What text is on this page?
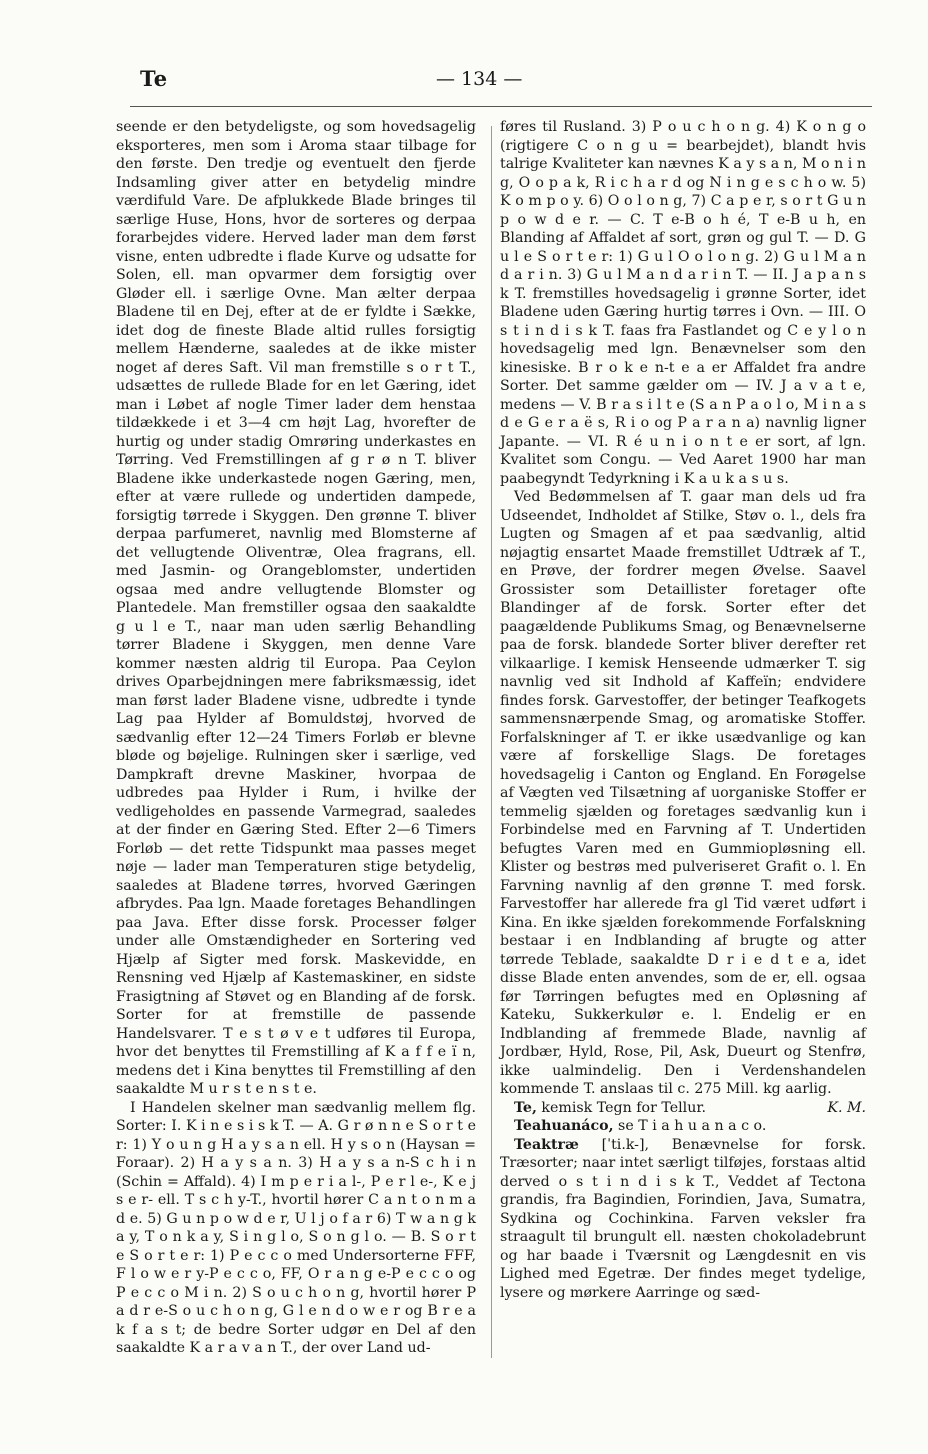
Te	— 134 —

seende er den betydeligste, og som hovedsagelig eksporteres, men som i Aroma staar tilbage for den første. Den tredje og eventuelt den fjerde Indsamling giver atter en betydelig mindre værdifuld Vare. De afplukkede Blade bringes til særlige Huse, Hons, hvor de sorteres og derpaa forarbejdes videre. Herved lader man dem først visne, enten udbredte i flade Kurve og udsatte for Solen, ell. man opvarmer dem forsigtig over Gløder ell. i særlige Ovne. Man ælter derpaa Bladene til en Dej, efter at de er fyldte i Sække, idet dog de fineste Blade altid rulles forsigtig mellem Hænderne, saaledes at de ikke mister noget af deres Saft. Vil man fremstille s o r t T., udsættes de rullede Blade for en let Gæring, idet man i Løbet af nogle Timer lader dem henstaa tildækkede i et 3—4 cm højt Lag, hvorefter de hurtig og under stadig Omrøring underkastes en Tørring. Ved Fremstillingen af g r ø n T. bliver Bladene ikke underkastede nogen Gæring, men, efter at være rullede og undertiden dampede, forsigtig tørrede i Skyggen. Den grønne T. bliver derpaa parfumeret, navnlig med Blomsterne af det vellugtende Oliventræ, Olea fragrans, ell. med Jasmin- og Orangeblomster, undertiden ogsaa med andre vellugtende Blomster og Plantedele. Man fremstiller ogsaa den saakaldte g u l e T., naar man uden særlig Behandling tørrer Bladene i Skyggen, men denne Vare kommer næsten aldrig til Europa. Paa Ceylon drives Oparbejdningen mere fabriksmæssig, idet man først lader Bladene visne, udbredte i tynde Lag paa Hylder af Bomuldstøj, hvorved de sædvanlig efter 12—24 Timers Forløb er blevne bløde og bøjelige. Rulningen sker i særlige, ved Dampkraft drevne Maskiner, hvorpaa de udbredes paa Hylder i Rum, i hvilke der vedligeholdes en passende Varmegrad, saaledes at der finder en Gæring Sted. Efter 2—6 Timers Forløb — det rette Tidspunkt maa passes meget nøje — lader man Temperaturen stige betydelig, saaledes at Bladene tørres, hvorved Gæringen afbrydes. Paa lgn. Maade foretages Behandlingen paa Java. Efter disse forsk. Processer følger under alle Omstændigheder en Sortering ved Hjælp af Sigter med forsk. Maskevidde, en Rensning ved Hjælp af Kastemaskiner, en sidste Frasigtning af Støvet og en Blanding af de forsk. Sorter for at fremstille de passende Handelsvarer. T e s t ø v e t udføres til Europa, hvor det benyttes til Fremstilling af K a f f e ï n, medens det i Kina benyttes til Fremstilling af den saakaldte M u r s t e n s t e.

I Handelen skelner man sædvanlig mellem flg. Sorter: I. K i n e s i s k T. — A. G r ø n n e S o r t e r: 1) Y o u n g H a y s a n ell. H y s o n (Haysan = Foraar). 2) H a y s a n. 3) H a y s a n-S c h i n (Schin = Affald). 4) I m p e r i a l-, P e r l e-, K e j s e r- ell. T s c h y-T., hvortil hører C a n t o n m a d e. 5) G u n p o w d e r, U l j o f a r 6) T w a n g k a y, T o n k a y, S i n g l o, S o n g l o. — B. S o r t e S o r t e r: 1) P e c c o med Undersorterne FFF, F l o w e r y-P e c c o, FF, O r a n g e-P e c c o og P e c c o M i n. 2) S o u c h o n g, hvortil hører P a d r e-S o u c h o n g, G l e n d o w e r og B r e a k f a s t; de bedre Sorter udgør en Del af den saakaldte K a r a v a n T., der over Land ud-

føres til Rusland. 3) P o u c h o n g. 4) K o n g o (rigtigere C o n g u = bearbejdet), blandt hvis talrige Kvaliteter kan nævnes K a y s a n, M o n i n g, O o p a k, R i c h a r d og N i n g e s c h o w. 5) K o m p o y. 6) O o l o n g, 7) C a p e r, s o r t G u n p o w d e r. — C. T e-B o h é, T e-B u h, en Blanding af Affaldet af sort, grøn og gul T. — D. G u l e S o r t e r: 1) G u l O o l o n g. 2) G u l M a n d a r i n. 3) G u l M a n d a r i n T. — II. J a p a n s k T. fremstilles hovedsagelig i grønne Sorter, idet Bladene uden Gæring hurtig tørres i Ovn. — III. O s t i n d i s k T. faas fra Fastlandet og C e y l o n hovedsagelig med lgn. Benævnelser som den kinesiske. B r o k e n-t e a er Affaldet fra andre Sorter. Det samme gælder om — IV. J a v a t e, medens — V. B r a s i l t e (S a n P a o l o, M i n a s d e G e r a ë s, R i o og P a r a n a) navnlig ligner Japante. — VI. R é u n i o n t e er sort, af lgn. Kvalitet som Congu. — Ved Aaret 1900 har man paabegyndt Tedyrkning i K a u k a s u s.

Ved Bedømmelsen af T. gaar man dels ud fra Udseendet, Indholdet af Stilke, Støv o. l., dels fra Lugten og Smagen af et paa sædvanlig, altid nøjagtig ensartet Maade fremstillet Udtræk af T., en Prøve, der fordrer megen Øvelse. Saavel Grossister som Detaillister foretager ofte Blandinger af de forsk. Sorter efter det paagældende Publikums Smag, og Benævnelserne paa de forsk. blandede Sorter bliver derefter ret vilkaarlige. I kemisk Henseende udmærker T. sig navnlig ved sit Indhold af Kaffeïn; endvidere findes forsk. Garvestoffer, der betinger Teafkogets sammensnærpende Smag, og aromatiske Stoffer. Forfalskninger af T. er ikke usædvanlige og kan være af forskellige Slags. De foretages hovedsagelig i Canton og England. En Forøgelse af Vægten ved Tilsætning af uorganiske Stoffer er temmelig sjælden og foretages sædvanlig kun i Forbindelse med en Farvning af T. Undertiden befugtes Varen med en Gummiopløsning ell. Klister og bestrøs med pulveriseret Grafit o. l. En Farvning navnlig af den grønne T. med forsk. Farvestoffer har allerede fra gl Tid været udført i Kina. En ikke sjælden forekommende Forfalskning bestaar i en Indblanding af brugte og atter tørrede Teblade, saakaldte D r i e d t e a, idet disse Blade enten anvendes, som de er, ell. ogsaa før Tørringen befugtes med en Opløsning af Kateku, Sukkerkulør e. l. Endelig er en Indblanding af fremmede Blade, navnlig af Jordbær, Hyld, Rose, Pil, Ask, Dueurt og Stenfrø, ikke ualmindelig. Den i Verdenshandelen kommende T. anslaas til c. 275 Mill. kg aarlig.
K. M.

Te, kemisk Tegn for Tellur.

Teahuanáco, se T i a h u a n a c o.

Teaktræ [ˈti.k-], Benævnelse for forsk. Træsorter; naar intet særligt tilføjes, forstaas altid derved o s t i n d i s k T., Veddet af Tectona grandis, fra Bagindien, Forindien, Java, Sumatra, Sydkina og Cochinkina. Farven veksler fra straagult til brungult ell. næsten chokoladebrunt og har baade i Tværsnit og Længdesnit en vis Lighed med Egetræ. Der findes meget tydelige, lysere og mørkere Aarringe og sæd-
